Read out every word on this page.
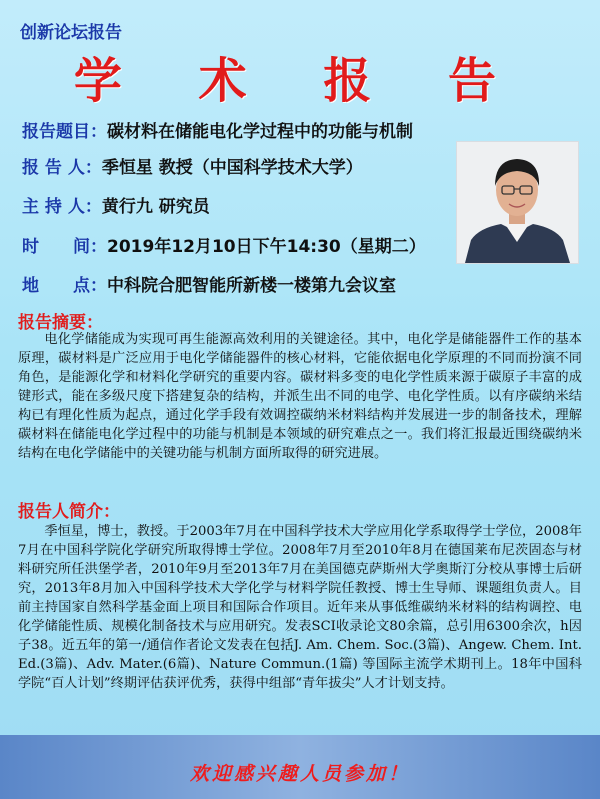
创新论坛报告
学 术 报 告
报告题目：碳材料在储能电化学过程中的功能与机制
报 告 人：季恒星 教授（中国科学技术大学）
主 持 人：黄行九 研究员
时　　间：2019年12月10日下午14:30（星期二）
地　　点：中科院合肥智能所新楼一楼第九会议室
报告摘要：
电化学储能成为实现可再生能源高效利用的关键途径。其中，电化学是储能器件工作的基本原理，碳材料是广泛应用于电化学储能器件的核心材料，它能依据电化学原理的不同而扮演不同角色，是能源化学和材料化学研究的重要内容。碳材料多变的电化学性质来源于碳原子丰富的成键形式，能在多级尺度下搭建复杂的结构，并派生出不同的电学、电化学性质。以有序碳纳米结构已有理化性质为起点，通过化学手段有效调控碳纳米材料结构并发展进一步的制备技术，理解碳材料在储能电化学过程中的功能与机制是本领域的研究难点之一。我们将汇报最近围绕碳纳米结构在电化学储能中的关键功能与机制方面所取得的研究进展。
报告人简介：
季恒星，博士，教授。于2003年7月在中国科学技术大学应用化学系取得学士学位，2008年7月在中国科学院化学研究所取得博士学位。2008年7月至2010年8月在德国莱布尼茨固态与材料研究所任洪堡学者，2010年9月至2013年7月在美国德克萨斯州大学奥斯汀分校从事博士后研究，2013年8月加入中国科学技术大学化学与材料学院任教授、博士生导师、课题组负责人。目前主持国家自然科学基金面上项目和国际合作项目。近年来从事低维碳纳米材料的结构调控、电化学储能性质、规模化制备技术与应用研究。发表SCI收录论文80余篇，总引用6300余次，h因子38。近五年的第一/通信作者论文发表在包括J. Am. Chem. Soc.(3篇)、Angew. Chem. Int. Ed.(3篇)、Adv. Mater.(6篇)、Nature Commun.(1篇) 等国际主流学术期刊上。18年中国科学院“百人计划”终期评估获评优秀，获得中组部“青年拔尖”人才计划支持。
欢迎感兴趣人员参加！
